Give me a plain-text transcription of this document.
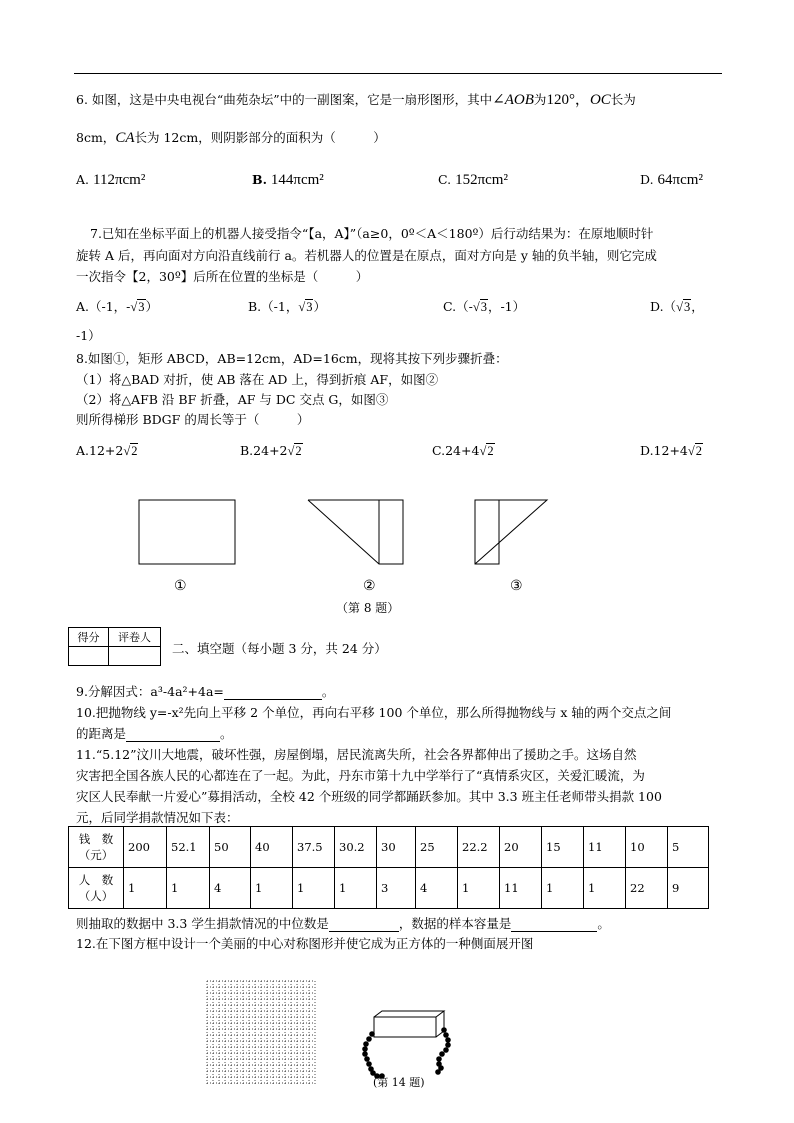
6. 如图，这是中央电视台“曲苑杂坛”中的一副图案，它是一扇形图形，其中∠AOB为120°，OC长为
8cm，CA长为 12cm，则阴影部分的面积为（　　　）
A. 112πcm²	B. 144πcm²	C. 152πcm²	D. 64πcm²
7.已知在坐标平面上的机器人接受指令“【a，A】”（a≥0，0º＜A＜180º）后行动结果为：在原地顺时针
旋转 A 后，再向面对方向沿直线前行 a。若机器人的位置是在原点，面对方向是 y 轴的负半轴，则它完成
一次指令【2，30º】后所在位置的坐标是（　　　）
A.（-1，-√3）	B.（-1，√3）	C.（-√3，-1）	D.（√3，
-1）
8.如图①，矩形 ABCD，AB=12cm，AD=16cm，现将其按下列步骤折叠：
（1）将△BAD 对折，使 AB 落在 AD 上，得到折痕 AF，如图②
（2）将△AFB 沿 BF 折叠，AF 与 DC 交点 G，如图③
则所得梯形 BDGF 的周长等于（　　　）
A.12+2√2	B.24+2√2	C.24+4√2	D.12+4√2
①	②	③
（第 8 题）
得分	评卷人

二、填空题（每小题 3 分，共 24 分）
9.分解因式：a³-4a²+4a=	。
10.把抛物线 y=-x²先向上平移 2 个单位，再向右平移 100 个单位，那么所得抛物线与 x 轴的两个交点之间
的距离是	。
11.“5.12”汶川大地震，破坏性强，房屋倒塌，居民流离失所，社会各界都伸出了援助之手。这场自然
灾害把全国各族人民的心都连在了一起。为此，丹东市第十九中学举行了“真情系灾区，关爱汇暖流，为
灾区人民奉献一片爱心”募捐活动，全校 42 个班级的同学都踊跃参加。其中 3.3 班主任老师带头捐款 100
元，后同学捐款情况如下表：
钱　数
（元）	200	52.1	50	40	37.5	30.2	30	25	22.2	20	15	11	10	5
人　数
（人）	1	1	4	1	1	1	3	4	1	11	1	1	22	9
则抽取的数据中 3.3 学生捐款情况的中位数是	，数据的样本容量是	。
12.在下图方框中设计一个美丽的中心对称图形并使它成为正方体的一种侧面展开图
(第 14 题)
